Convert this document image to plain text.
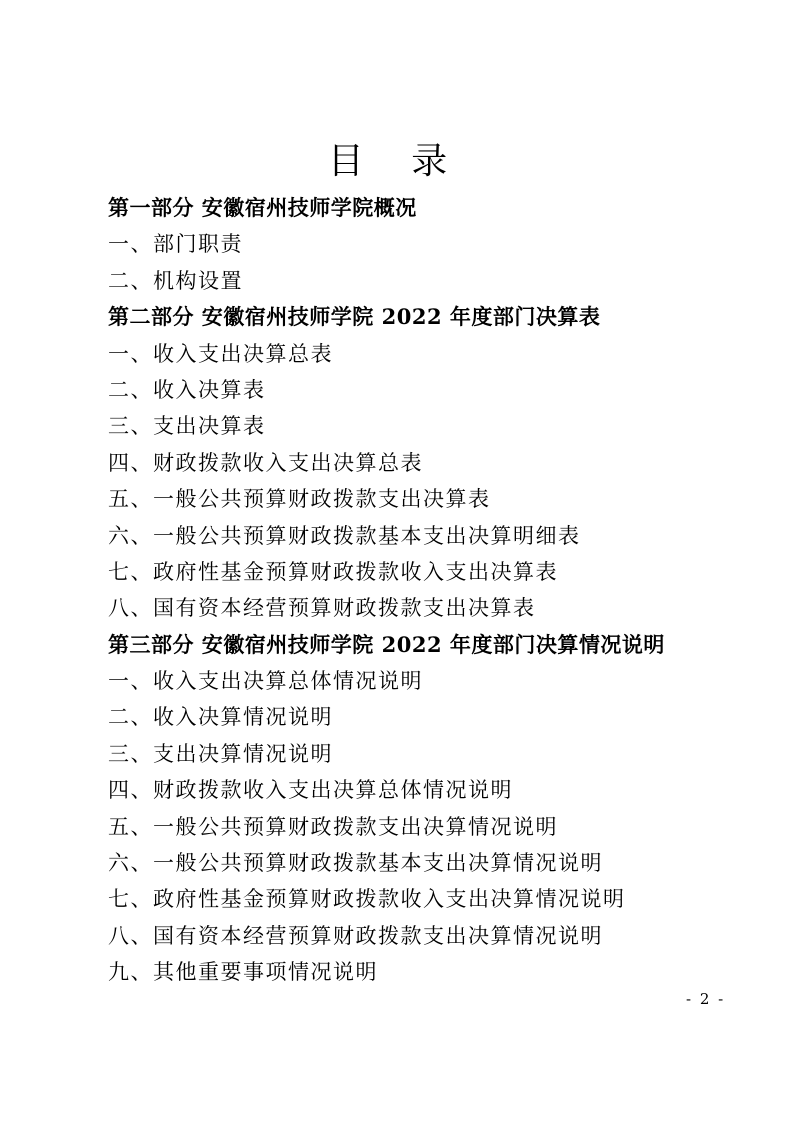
目 录
第一部分 安徽宿州技师学院概况
一、部门职责
二、机构设置
第二部分 安徽宿州技师学院 2022 年度部门决算表
一、收入支出决算总表
二、收入决算表
三、支出决算表
四、财政拨款收入支出决算总表
五、一般公共预算财政拨款支出决算表
六、一般公共预算财政拨款基本支出决算明细表
七、政府性基金预算财政拨款收入支出决算表
八、国有资本经营预算财政拨款支出决算表
第三部分 安徽宿州技师学院 2022 年度部门决算情况说明
一、收入支出决算总体情况说明
二、收入决算情况说明
三、支出决算情况说明
四、财政拨款收入支出决算总体情况说明
五、一般公共预算财政拨款支出决算情况说明
六、一般公共预算财政拨款基本支出决算情况说明
七、政府性基金预算财政拨款收入支出决算情况说明
八、国有资本经营预算财政拨款支出决算情况说明
九、其他重要事项情况说明
- 2 -
